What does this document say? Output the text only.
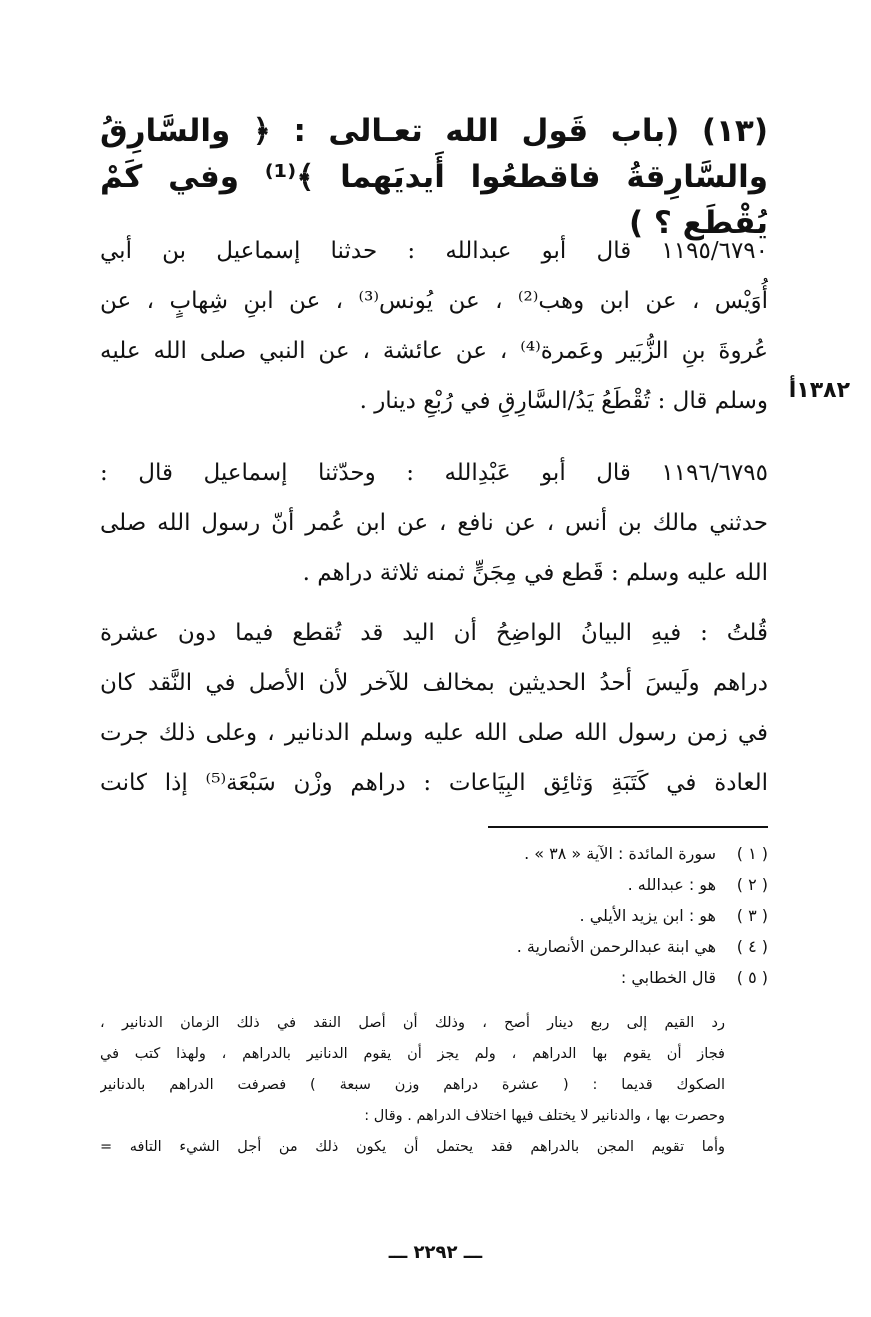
(١٣) (باب قَول الله تعـالى : ﴿ والسَّارِقُ
والسَّارِقةُ فاقطعُوا أَيديَهما ﴾⁽¹⁾ وفي كَمْ يُقْطَع ؟ )
١١٩٥/٦٧٩٠ قال أبو عبدالله : حدثنا إسماعيل بن أبي
أُوَيْس ، عن ابن وهب⁽²⁾ ، عن يُونس⁽³⁾ ، عن ابنِ شِهابٍ ، عن
عُروةَ بنِ الزُّبَير وعَمرة⁽⁴⁾ ، عن عائشة ، عن النبي صلى الله عليه
وسلم قال : تُقْطَعُ يَدُ/السَّارِقِ في رُبْعِ دينار . ١٣٨٢أ
١١٩٦/٦٧٩٥ قال أبو عَبْدِالله : وحدّثنا إسماعيل قال :
حدثني مالك بن أنس ، عن نافع ، عن ابن عُمر أنّ رسول الله صلى
الله عليه وسلم : قَطع في مِجَنٍّ ثمنه ثلاثة دراهم .
قُلتُ : فيهِ البيانُ الواضِحُ أن اليد قد تُقطع فيما دون عشرة
دراهم ولَيسَ أحدُ الحديثين بمخالف للآخر لأن الأصل في النَّقد كان
في زمن رسول الله صلى الله عليه وسلم الدنانير ، وعلى ذلك جرت
العادة في كَتَبَةِ وَثائِق البِيَاعات : دراهم وزْن سَبْعَة⁽⁵⁾ إذا كانت
( ١ )
سورة المائدة : الآية « ٣٨ » .
( ٢ )
هو : عبدالله .
( ٣ )
هو : ابن يزيد الأيلي .
( ٤ )
هي ابنة عبدالرحمن الأنصارية .
( ٥ )
قال الخطابي :
رد القيم إلى ربع دينار أصح ، وذلك أن أصل النقد في ذلك الزمان الدنانير ،
فجاز أن يقوم بها الدراهم ، ولم يجز أن يقوم الدنانير بالدراهم ، ولهذا كتب في
الصكوك قديما : ( عشرة دراهم وزن سبعة ) فصرفت الدراهم بالدنانير
وحصرت بها ، والدنانير لا يختلف فيها اختلاف الدراهم . وقال :
وأما تقويم المجن بالدراهم فقد يحتمل أن يكون ذلك من أجل الشيء التافه =
ـــ ٢٢٩٢ ـــ
